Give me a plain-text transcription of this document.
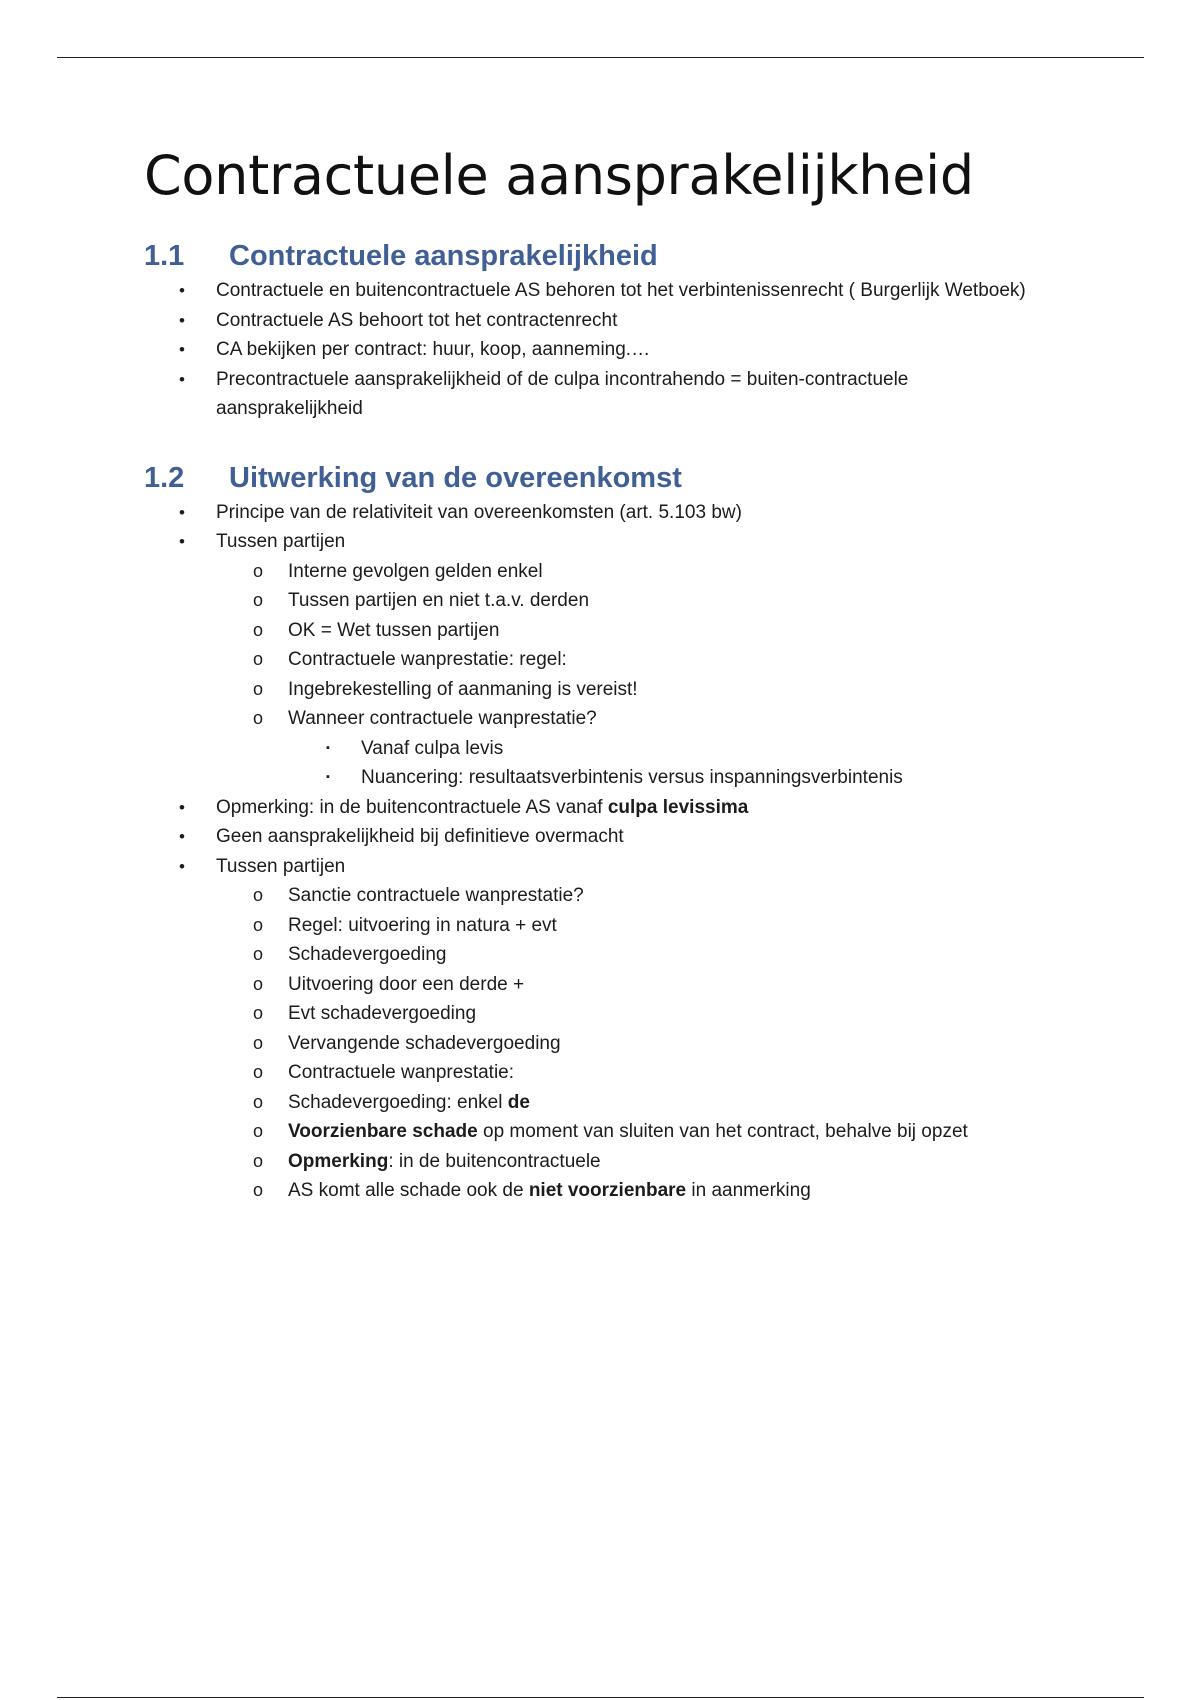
Contractuele aansprakelijkheid
1.1	Contractuele aansprakelijkheid
• Contractuele en buitencontractuele AS behoren tot het verbintenissenrecht ( Burgerlijk Wetboek)
• Contractuele AS behoort tot het contractenrecht
• CA bekijken per contract: huur, koop, aanneming.…
• Precontractuele aansprakelijkheid of de culpa incontrahendo = buiten-contractuele aansprakelijkheid
1.2	Uitwerking van de overeenkomst
• Principe van de relativiteit van overeenkomsten (art. 5.103 bw)
• Tussen partijen
o Interne gevolgen gelden enkel
o Tussen partijen en niet t.a.v. derden
o OK = Wet tussen partijen
o Contractuele wanprestatie: regel:
o Ingebrekestelling of aanmaning is vereist!
o Wanneer contractuele wanprestatie?
▪ Vanaf culpa levis
▪ Nuancering: resultaatsverbintenis versus inspanningsverbintenis
• Opmerking: in de buitencontractuele AS vanaf culpa levissima
• Geen aansprakelijkheid bij definitieve overmacht
• Tussen partijen
o Sanctie contractuele wanprestatie?
o Regel: uitvoering in natura + evt
o Schadevergoeding
o Uitvoering door een derde +
o Evt schadevergoeding
o Vervangende schadevergoeding
o Contractuele wanprestatie:
o Schadevergoeding: enkel de
o Voorzienbare schade op moment van sluiten van het contract, behalve bij opzet
o Opmerking: in de buitencontractuele
o AS komt alle schade ook de niet voorzienbare in aanmerking
